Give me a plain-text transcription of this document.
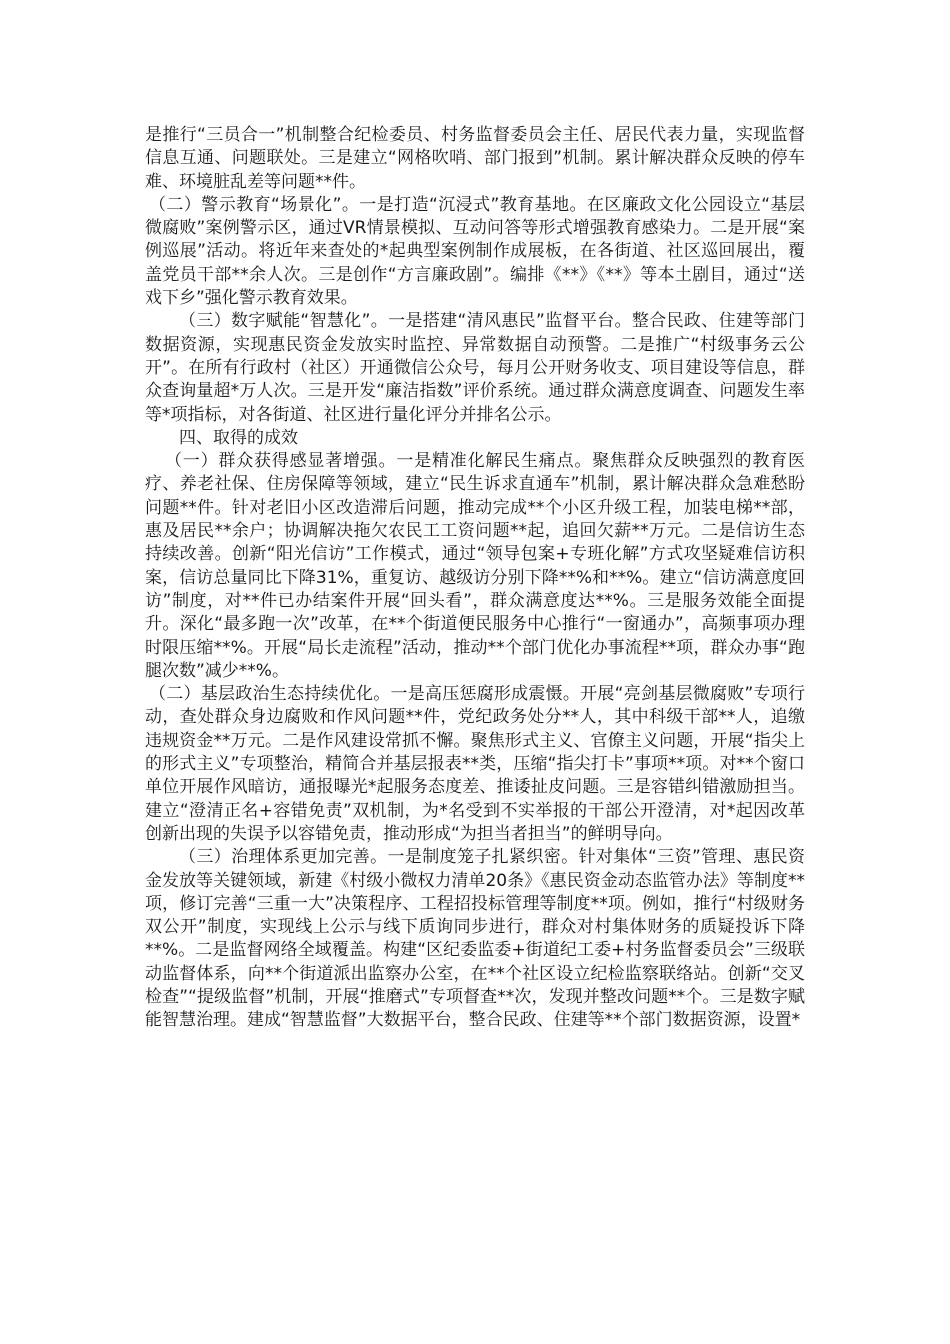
是推行“三员合一”机制整合纪检委员、村务监督委员会主任、居民代表力量，实现监督信息互通、问题联处。三是建立“网格吹哨、部门报到”机制。累计解决群众反映的停车难、环境脏乱差等问题**件。

（二）警示教育“场景化”。一是打造“沉浸式”教育基地。在区廉政文化公园设立“基层微腐败”案例警示区，通过VR情景模拟、互动问答等形式增强教育感染力。二是开展“案例巡展”活动。将近年来查处的*起典型案例制作成展板，在各街道、社区巡回展出，覆盖党员干部**余人次。三是创作“方言廉政剧”。编排《**》《**》等本土剧目，通过“送戏下乡”强化警示教育效果。

（三）数字赋能“智慧化”。一是搭建“清风惠民”监督平台。整合民政、住建等部门数据资源，实现惠民资金发放实时监控、异常数据自动预警。二是推广“村级事务云公开”。在所有行政村（社区）开通微信公众号，每月公开财务收支、项目建设等信息，群众查询量超*万人次。三是开发“廉洁指数”评价系统。通过群众满意度调查、问题发生率等*项指标，对各街道、社区进行量化评分并排名公示。

四、取得的成效

（一）群众获得感显著增强。一是精准化解民生痛点。聚焦群众反映强烈的教育医疗、养老社保、住房保障等领域，建立“民生诉求直通车”机制，累计解决群众急难愁盼问题**件。针对老旧小区改造滞后问题，推动完成**个小区升级工程，加装电梯**部，惠及居民**余户；协调解决拖欠农民工工资问题**起，追回欠薪**万元。二是信访生态持续改善。创新“阳光信访”工作模式，通过“领导包案+专班化解”方式攻坚疑难信访积案，信访总量同比下降31%，重复访、越级访分别下降**%和**%。建立“信访满意度回访”制度，对**件已办结案件开展“回头看”，群众满意度达**%。三是服务效能全面提升。深化“最多跑一次”改革，在**个街道便民服务中心推行“一窗通办”，高频事项办理时限压缩**%。开展“局长走流程”活动，推动**个部门优化办事流程**项，群众办事“跑腿次数”减少**%。

（二）基层政治生态持续优化。一是高压惩腐形成震慑。开展“亮剑基层微腐败”专项行动，查处群众身边腐败和作风问题**件，党纪政务处分**人，其中科级干部**人，追缴违规资金**万元。二是作风建设常抓不懈。聚焦形式主义、官僚主义问题，开展“指尖上的形式主义”专项整治，精简合并基层报表**类，压缩“指尖打卡”事项**项。对**个窗口单位开展作风暗访，通报曝光*起服务态度差、推诿扯皮问题。三是容错纠错激励担当。建立“澄清正名+容错免责”双机制，为*名受到不实举报的干部公开澄清，对*起因改革创新出现的失误予以容错免责，推动形成“为担当者担当”的鲜明导向。

（三）治理体系更加完善。一是制度笼子扎紧织密。针对集体“三资”管理、惠民资金发放等关键领域，新建《村级小微权力清单20条》《惠民资金动态监管办法》等制度**项，修订完善“三重一大”决策程序、工程招投标管理等制度**项。例如，推行“村级财务双公开”制度，实现线上公示与线下质询同步进行，群众对村集体财务的质疑投诉下降**%。二是监督网络全域覆盖。构建“区纪委监委+街道纪工委+村务监督委员会”三级联动监督体系，向**个街道派出监察办公室，在**个社区设立纪检监察联络站。创新“交叉检查”“提级监督”机制，开展“推磨式”专项督查**次，发现并整改问题**个。三是数字赋能智慧治理。建成“智慧监督”大数据平台，整合民政、住建等**个部门数据资源，设置*
